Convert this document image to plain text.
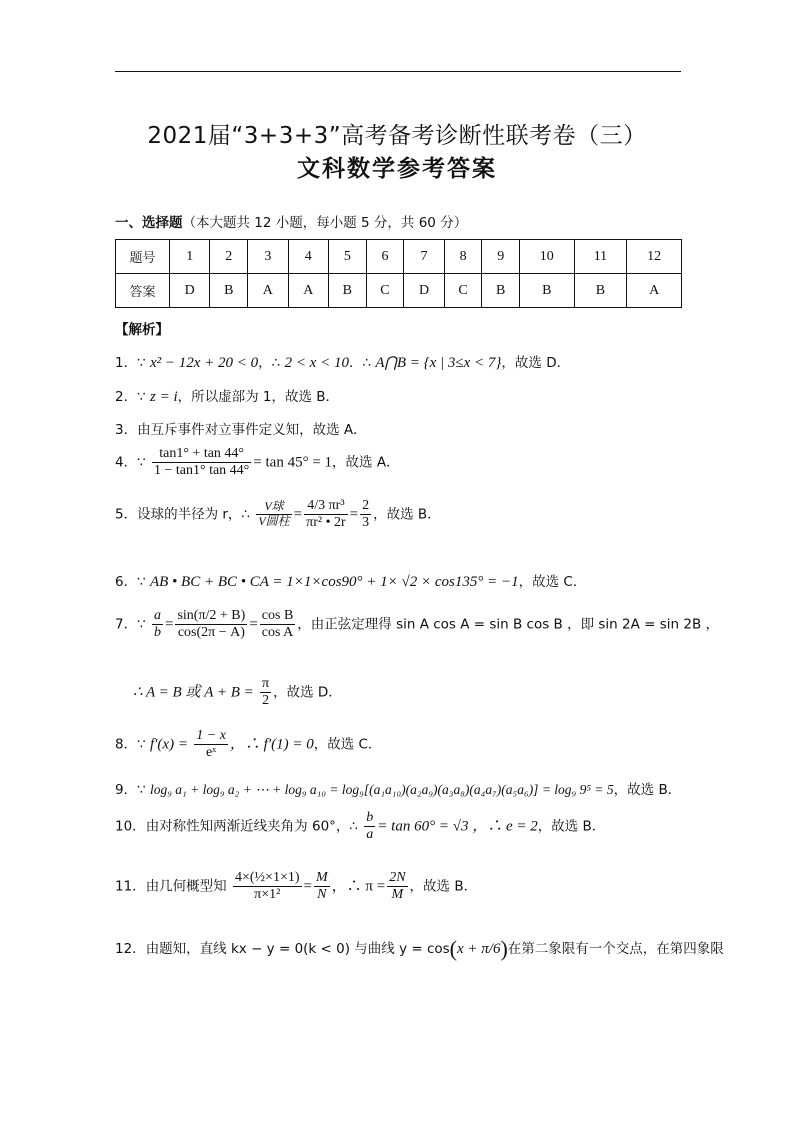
2021届“3+3+3”高考备考诊断性联考卷（三）
文科数学参考答案
一、选择题（本大题共 12 小题，每小题 5 分，共 60 分）
题号	1	2	3	4	5	6	7	8	9	10	11	12
答案	D	B	A	A	B	C	D	C	B	B	B	A
【解析】
1．∵ x² − 12x + 20 < 0，∴ 2 < x < 10．∴ A⋂B = {x | 3≤x < 7}，故选 D．
2．∵ z = i，所以虚部为 1，故选 B．
3．由互斥事件对立事件定义知，故选 A．
4．∵ $\frac{\tan 1^\circ + \tan 44^\circ}{1 - \tan 1^\circ \tan 44^\circ} = \tan 45^\circ = 1$，故选 A．
5．设球的半径为 r，∴ $\frac{\text{V球}}{\text{V圆柱}} = \frac{\text{4/3 πr³}}{\text{πr² • 2r}} = \frac{2}{3}$ ，故选 B．
6．∵ AB • BC + BC • CA = 1×1×cos90° + 1× √2 × cos135° = −1，故选 C．
7．∵ $\frac{a}{b} = \frac{\sin(\pi/2 + B)}{\cos(2\pi - A)} = \frac{\text{cos B}}{\text{cos A}}$ ，由正弦定理得 sin A cos A = sin B cos B ，即 sin 2A = sin 2B ，
∴ A = B 或 $A + B = \frac{\pi}{2}$ ，故选 D．
8．∵ $f'(x) = \frac{1 - x}{\text{eˣ}}$ ，∴ f′(1) = 0，故选 C．
9．∵ log₉ a₁ + log₉ a₂ + ⋯ + log₉ a₁₀ = log₉[(a₁a₁₀)(a₂a₉)(a₃a₈)(a₄a₇)(a₅a₆)] = log₉ 9⁵ = 5，故选 B．
10．由对称性知两渐近线夹角为 60°，∴ $\frac{b}{a} = \tan 60^\circ = √3$ ，∴ e = 2，故选 B．
11．由几何概型知 $\frac{\text{4×(½×1×1)}}{\text{π×1²}} = \frac{M}{N}$ ，∴ $\pi = \frac{2N}{M}$ ，故选 B．
12．由题知，直线 kx − y = 0(k < 0) 与曲线 y = cos(x + π/6)在第二象限有一个交点，在第四象限
